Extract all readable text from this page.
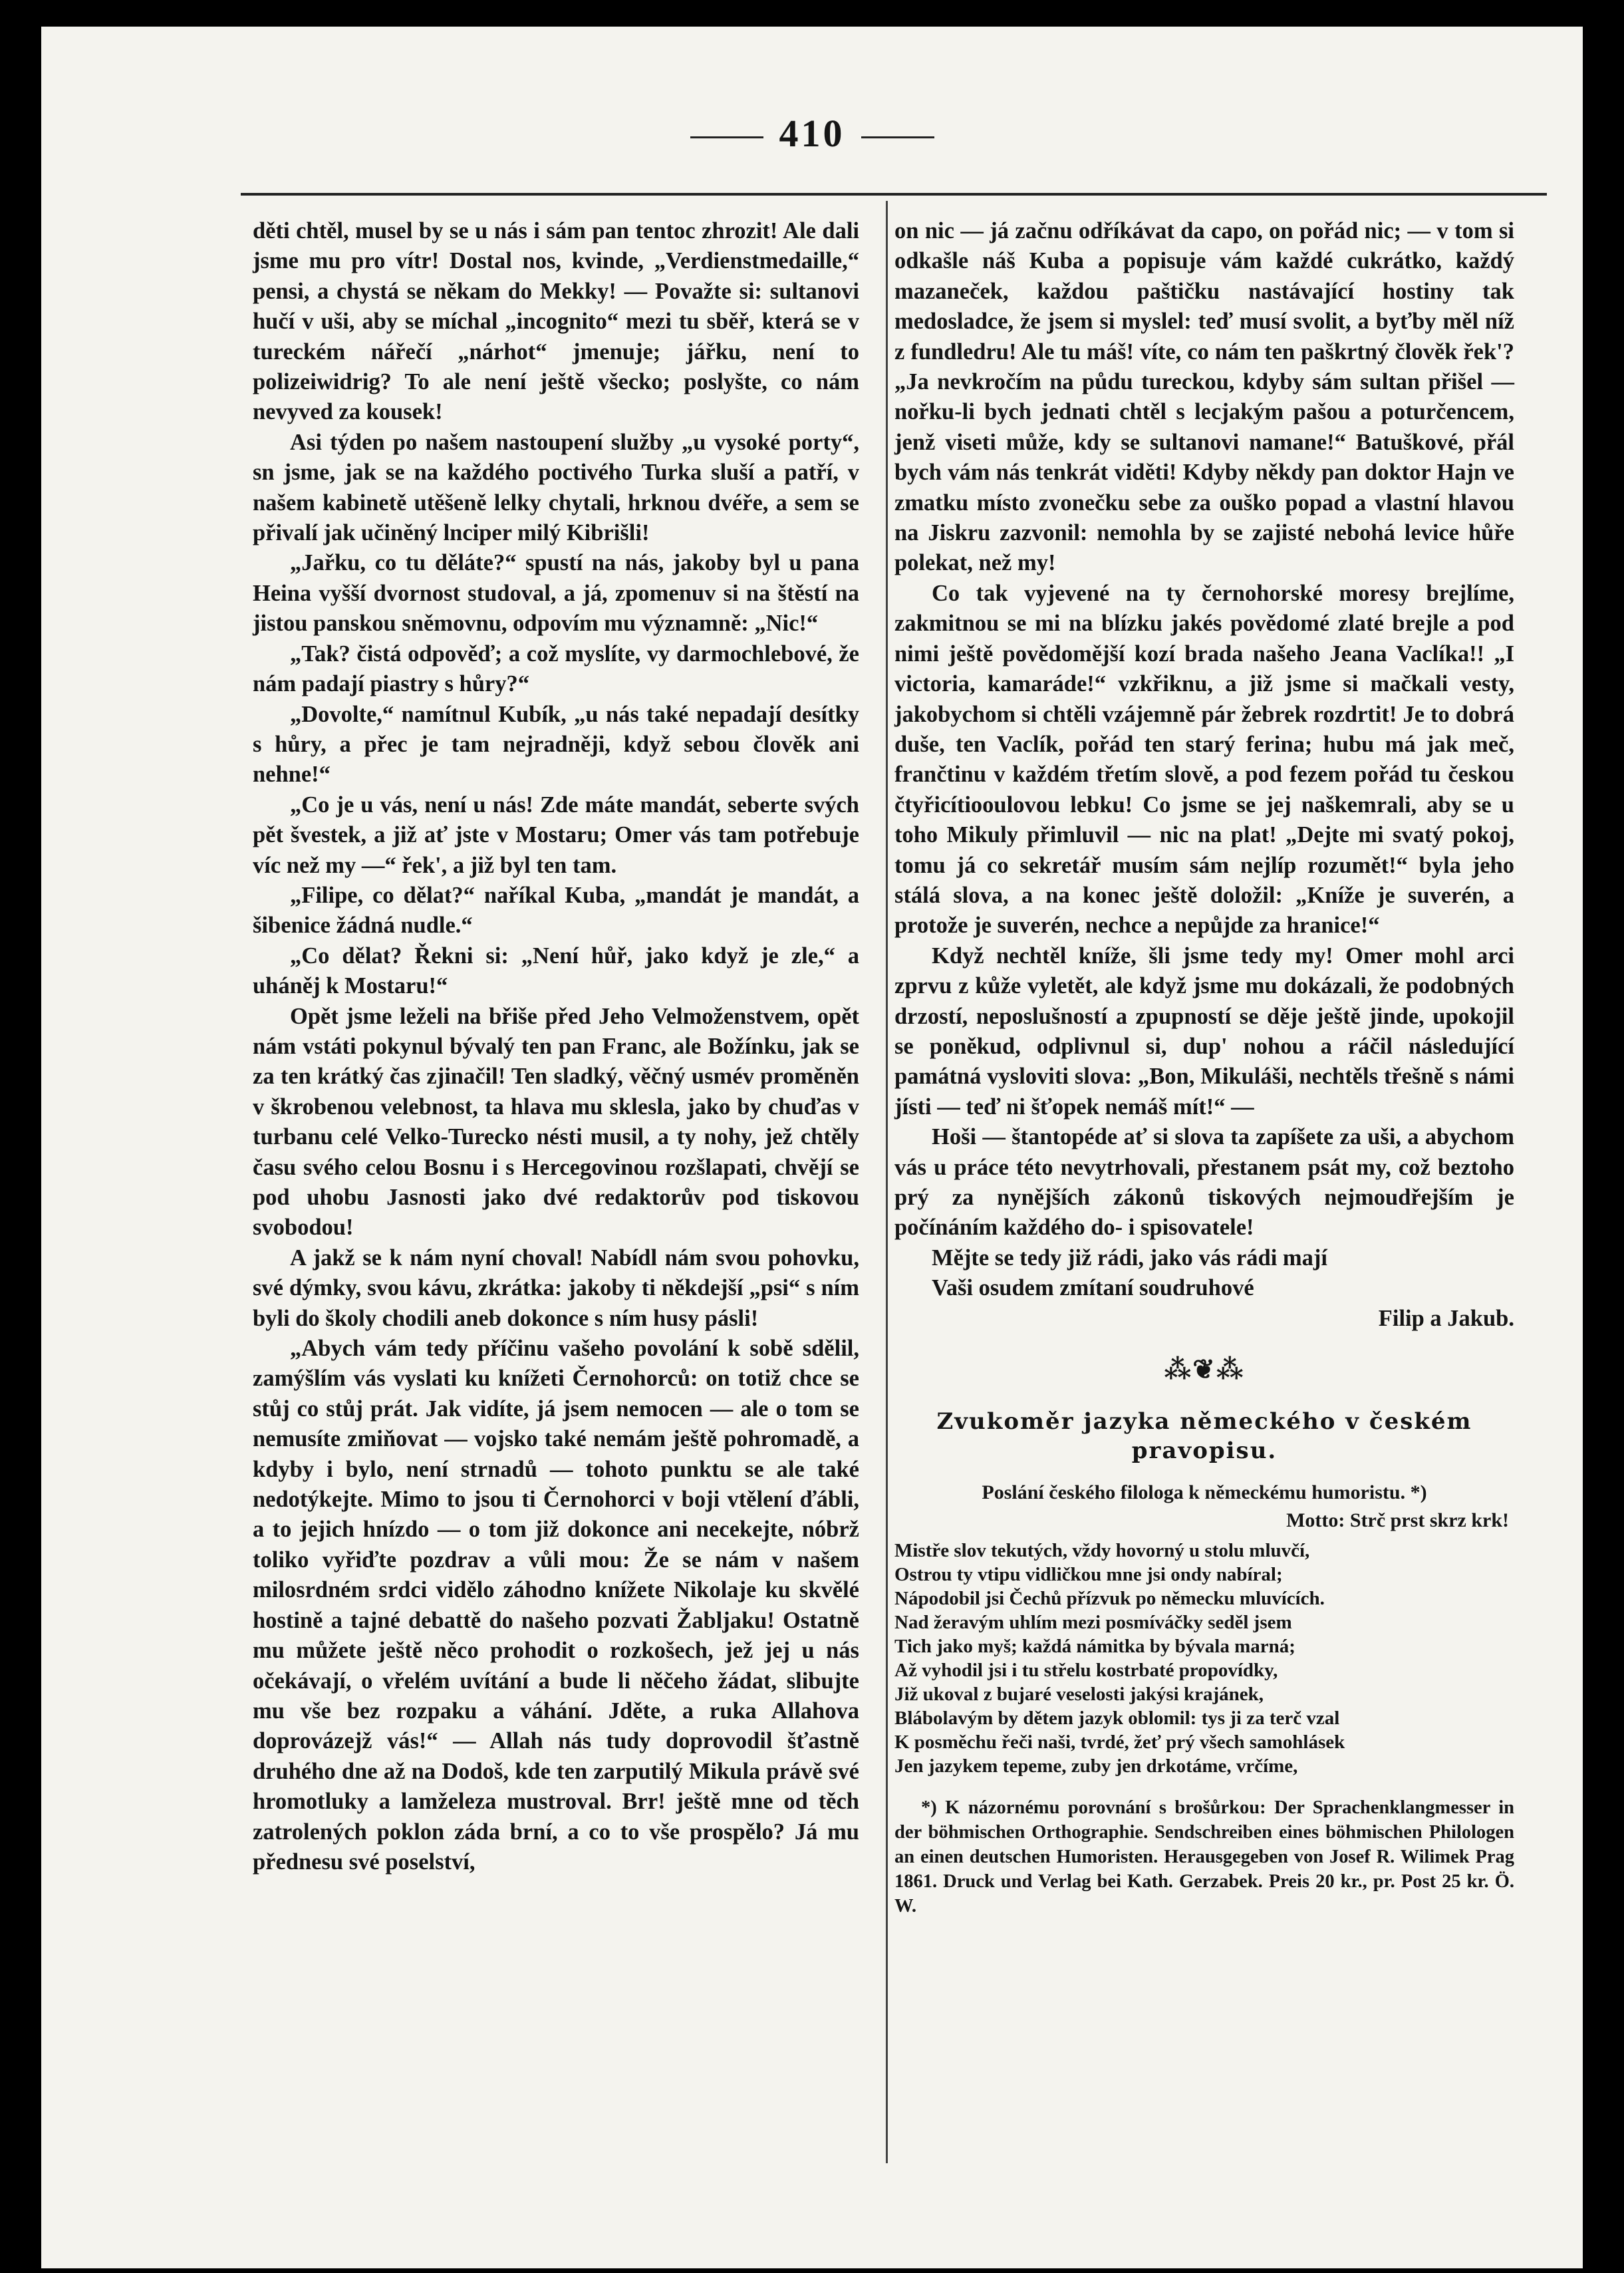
410

děti chtěl, musel by se u nás i sám pan tentoc zhrozit! Ale dali jsme mu pro vítr! Dostal nos, kvinde, „Verdienstmedaille,“ pensi, a chystá se někam do Mekky! — Považte si: sultanovi hučí v uši, aby se míchal „incognito“ mezi tu sběř, která se v tureckém nářečí „nárhot“ jmenuje; jářku, není to polizeiwidrig? To ale není ještě všecko; poslyšte, co nám nevyved za kousek!

Asi týden po našem nastoupení služby „u vysoké porty“, sn jsme, jak se na každého poctivého Turka sluší a patří, v našem kabinetě utěšeně lelky chytali, hrknou dvéře, a sem se přivalí jak učiněný lnciper milý Kibrišli!

„Jařku, co tu děláte?“ spustí na nás, jakoby byl u pana Heina vyšší dvornost studoval, a já, zpomenuv si na štěstí na jistou panskou sněmovnu, odpovím mu významně: „Nic!“

„Tak? čistá odpověď; a což myslíte, vy darmochlebové, že nám padají piastry s hůry?“

„Dovolte,“ namítnul Kubík, „u nás také nepadají desítky s hůry, a přec je tam nejradněji, když sebou člověk ani nehne!“

„Co je u vás, není u nás! Zde máte mandát, seberte svých pět švestek, a již ať jste v Mostaru; Omer vás tam potřebuje víc než my —“ řek', a již byl ten tam.

„Filipe, co dělat?“ naříkal Kuba, „mandát je mandát, a šibenice žádná nudle.“

„Co dělat? Řekni si: „Není hůř, jako když je zle,“ a uháněj k Mostaru!“

Opět jsme leželi na břiše před Jeho Velmoženstvem, opět nám vstáti pokynul bývalý ten pan Franc, ale Božínku, jak se za ten krátký čas zjinačil! Ten sladký, věčný usmév proměněn v škrobenou velebnost, ta hlava mu sklesla, jako by chuďas v turbanu celé Velko-Turecko nésti musil, a ty nohy, jež chtěly času svého celou Bosnu i s Hercegovinou rozšlapati, chvějí se pod uhobu Jasnosti jako dvé redaktorův pod tiskovou svobodou!

A jakž se k nám nyní choval! Nabídl nám svou pohovku, své dýmky, svou kávu, zkrátka: jakoby ti někdejší „psi“ s ním byli do školy chodili aneb dokonce s ním husy pásli!

„Abych vám tedy příčinu vašeho povolání k sobě sdělil, zamýšlím vás vyslati ku knížeti Černohorců: on totiž chce se stůj co stůj prát. Jak vidíte, já jsem nemocen — ale o tom se nemusíte zmiňovat — vojsko také nemám ještě pohromadě, a kdyby i bylo, není strnadů — tohoto punktu se ale také nedotýkejte. Mimo to jsou ti Černohorci v boji vtělení ďábli, a to jejich hnízdo — o tom již dokonce ani necekejte, nóbrž toliko vyřiďte pozdrav a vůli mou: Že se nám v našem milosrdném srdci vidělo záhodno knížete Nikolaje ku skvělé hostině a tajné debattě do našeho pozvati Žabljaku! Ostatně mu můžete ještě něco prohodit o rozkošech, jež jej u nás očekávají, o vřelém uvítání a bude li něčeho žádat, slibujte mu vše bez rozpaku a váhání. Jděte, a ruka Allahova doprovázejž vás!“ — Allah nás tudy doprovodil šťastně druhého dne až na Dodoš, kde ten zarputilý Mikula právě své hromotluky a lamželeza mustroval. Brr! ještě mne od těch zatrolených poklon záda brní, a co to vše prospělo? Já mu přednesu své poselství,

on nic — já začnu odříkávat da capo, on pořád nic; — v tom si odkašle náš Kuba a popisuje vám každé cukrátko, každý mazaneček, každou paštičku nastávající hostiny tak medosladce, že jsem si myslel: teď musí svolit, a byťby měl níž z fundledru! Ale tu máš! víte, co nám ten paškrtný člověk řek'? „Ja nevkročím na půdu tureckou, kdyby sám sultan přišel — nořku-li bych jednati chtěl s lecjakým pašou a poturčencem, jenž viseti může, kdy se sultanovi namane!“ Batuškové, přál bych vám nás tenkrát viděti! Kdyby někdy pan doktor Hajn ve zmatku místo zvonečku sebe za ouško popad a vlastní hlavou na Jiskru zazvonil: nemohla by se zajisté nebohá levice hůře polekat, než my!

Co tak vyjevené na ty černohorské moresy brejlíme, zakmitnou se mi na blízku jakés povědomé zlaté brejle a pod nimi ještě povědomější kozí brada našeho Jeana Vaclíka!! „I victoria, kamaráde!“ vzkřiknu, a již jsme si mačkali vesty, jakobychom si chtěli vzájemně pár žebrek rozdrtit! Je to dobrá duše, ten Vaclík, pořád ten starý ferina; hubu má jak meč, frančtinu v každém třetím slově, a pod fezem pořád tu českou čtyřicítiooulovou lebku! Co jsme se jej naškemrali, aby se u toho Mikuly přimluvil — nic na plat! „Dejte mi svatý pokoj, tomu já co sekretář musím sám nejlíp rozumět!“ byla jeho stálá slova, a na konec ještě doložil: „Kníže je suverén, a protože je suverén, nechce a nepůjde za hranice!“

Když nechtěl kníže, šli jsme tedy my! Omer mohl arci zprvu z kůže vyletět, ale když jsme mu dokázali, že podobných drzostí, neposlušností a zpupností se děje ještě jinde, upokojil se poněkud, odplivnul si, dup' nohou a ráčil následující památná vysloviti slova: „Bon, Mikuláši, nechtěls třešně s námi jísti — teď ni šťopek nemáš mít!“ —

Hoši — štantopéde ať si slova ta zapíšete za uši, a abychom vás u práce této nevytrhovali, přestanem psát my, což beztoho prý za nynějších zákonů tiskových nejmoudřejším je počínáním každého do- i spisovatele!

Mějte se tedy již rádi, jako vás rádi mají

Vaši osudem zmítaní soudruhové

Filip a Jakub.

⁂❦⁂
Zvukoměr jazyka německého v českém pravopisu.
Poslání českého filologa k německému humoristu. *)
Motto: Strč prst skrz krk!
Mistře slov tekutých, vždy hovorný u stolu mluvčí,
Ostrou ty vtipu vidličkou mne jsi ondy nabíral;
Nápodobil jsi Čechů přízvuk po německu mluvících.
Nad žeravým uhlím mezi posmíváčky seděl jsem
Tich jako myš; každá námitka by bývala marná;
Až vyhodil jsi i tu střelu kostrbaté propovídky,
Již ukoval z bujaré veselosti jakýsi krajánek,
Blábolavým by dětem jazyk oblomil: tys ji za terč vzal
K posměchu řeči naši, tvrdé, žeť prý všech samohlásek
Jen jazykem tepeme, zuby jen drkotáme, vrčíme,
*) K názornému porovnání s brošůrkou: Der Sprachenklangmesser in der böhmischen Orthographie. Sendschreiben eines böhmischen Philologen an einen deutschen Humoristen. Herausgegeben von Josef R. Wilimek Prag 1861. Druck und Verlag bei Kath. Gerzabek. Preis 20 kr., pr. Post 25 kr. Ö. W.
